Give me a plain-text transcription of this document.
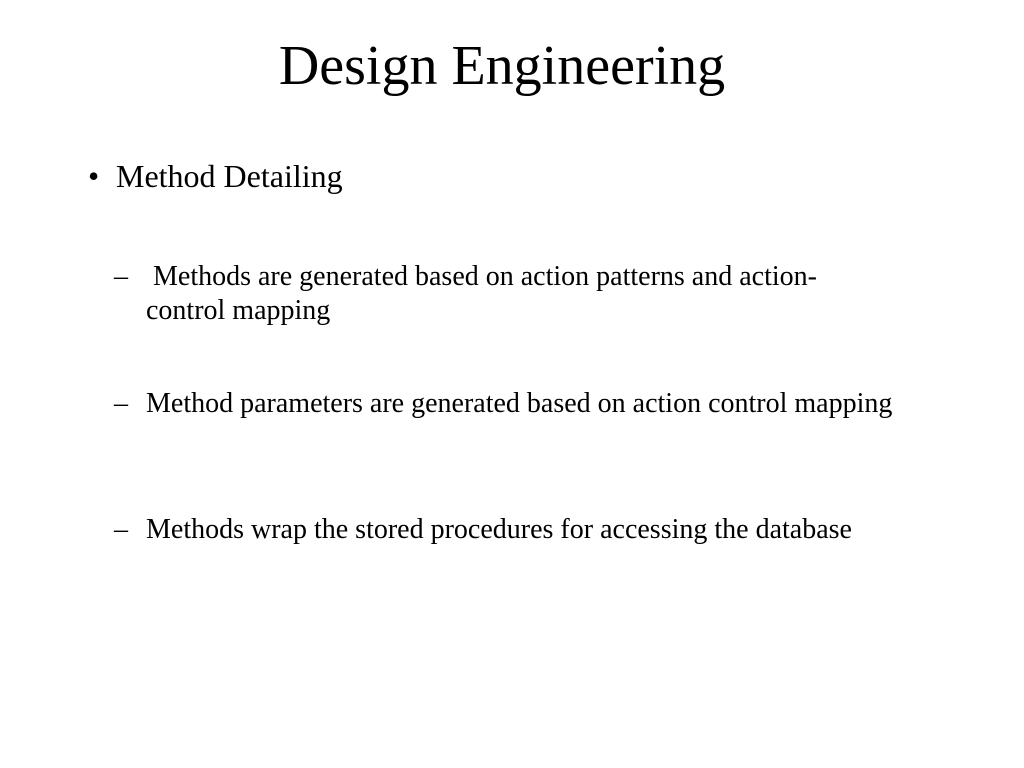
Design Engineering
• Method Detailing
– Methods are generated based on action patterns and action-control mapping
– Method parameters are generated based on action control mapping
– Methods wrap the stored procedures for accessing the database
